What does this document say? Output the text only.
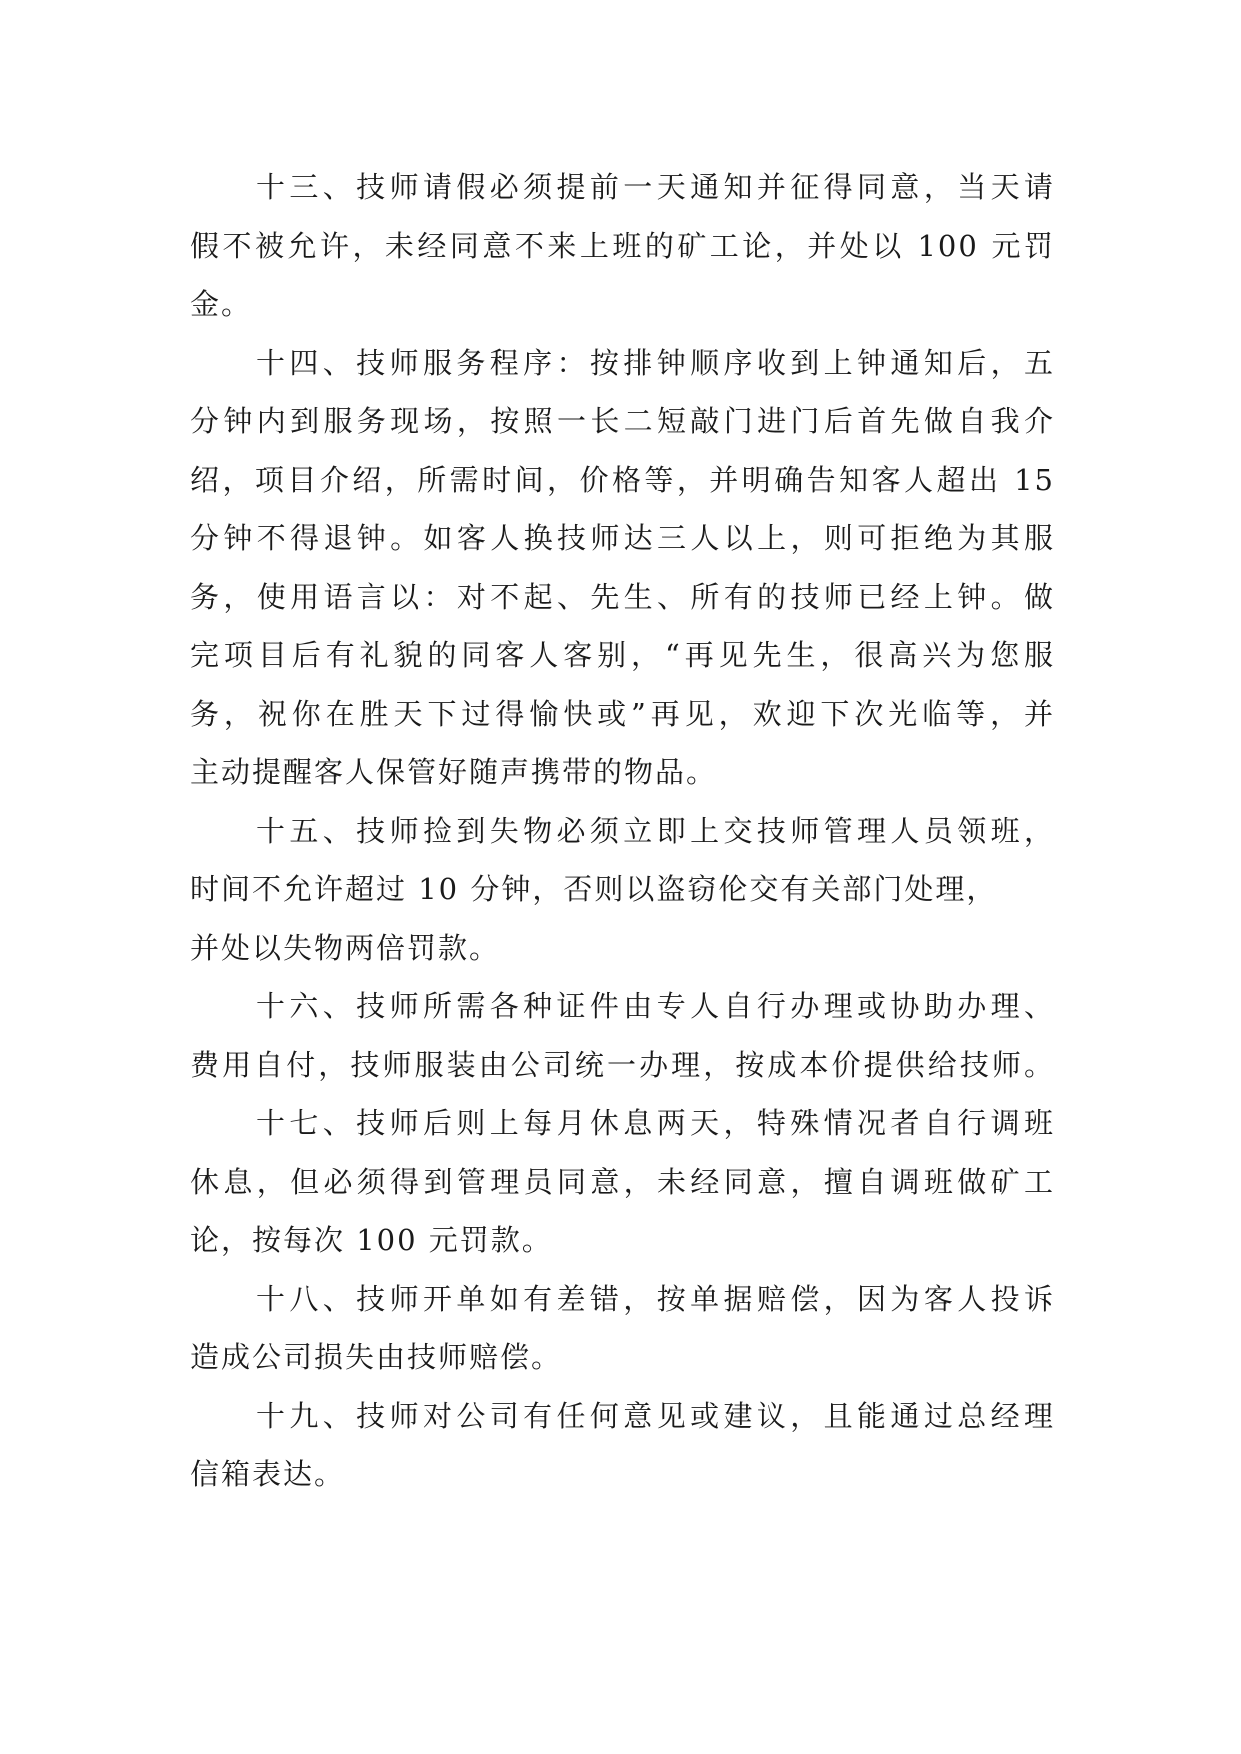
十三、技师请假必须提前一天通知并征得同意，当天请
假不被允许，未经同意不来上班的矿工论，并处以 100 元罚
金。
十四、技师服务程序：按排钟顺序收到上钟通知后，五
分钟内到服务现场，按照一长二短敲门进门后首先做自我介
绍，项目介绍，所需时间，价格等，并明确告知客人超出 15
分钟不得退钟。如客人换技师达三人以上，则可拒绝为其服
务，使用语言以：对不起、先生、所有的技师已经上钟。做
完项目后有礼貌的同客人客别，“再见先生，很高兴为您服
务，祝你在胜天下过得愉快或”再见，欢迎下次光临等，并
主动提醒客人保管好随声携带的物品。
十五、技师捡到失物必须立即上交技师管理人员领班，
时间不允许超过 10 分钟，否则以盗窃伦交有关部门处理，
并处以失物两倍罚款。
十六、技师所需各种证件由专人自行办理或协助办理、
费用自付，技师服装由公司统一办理，按成本价提供给技师。
十七、技师后则上每月休息两天，特殊情况者自行调班
休息，但必须得到管理员同意，未经同意，擅自调班做矿工
论，按每次 100 元罚款。
十八、技师开单如有差错，按单据赔偿，因为客人投诉
造成公司损失由技师赔偿。
十九、技师对公司有任何意见或建议，且能通过总经理
信箱表达。
